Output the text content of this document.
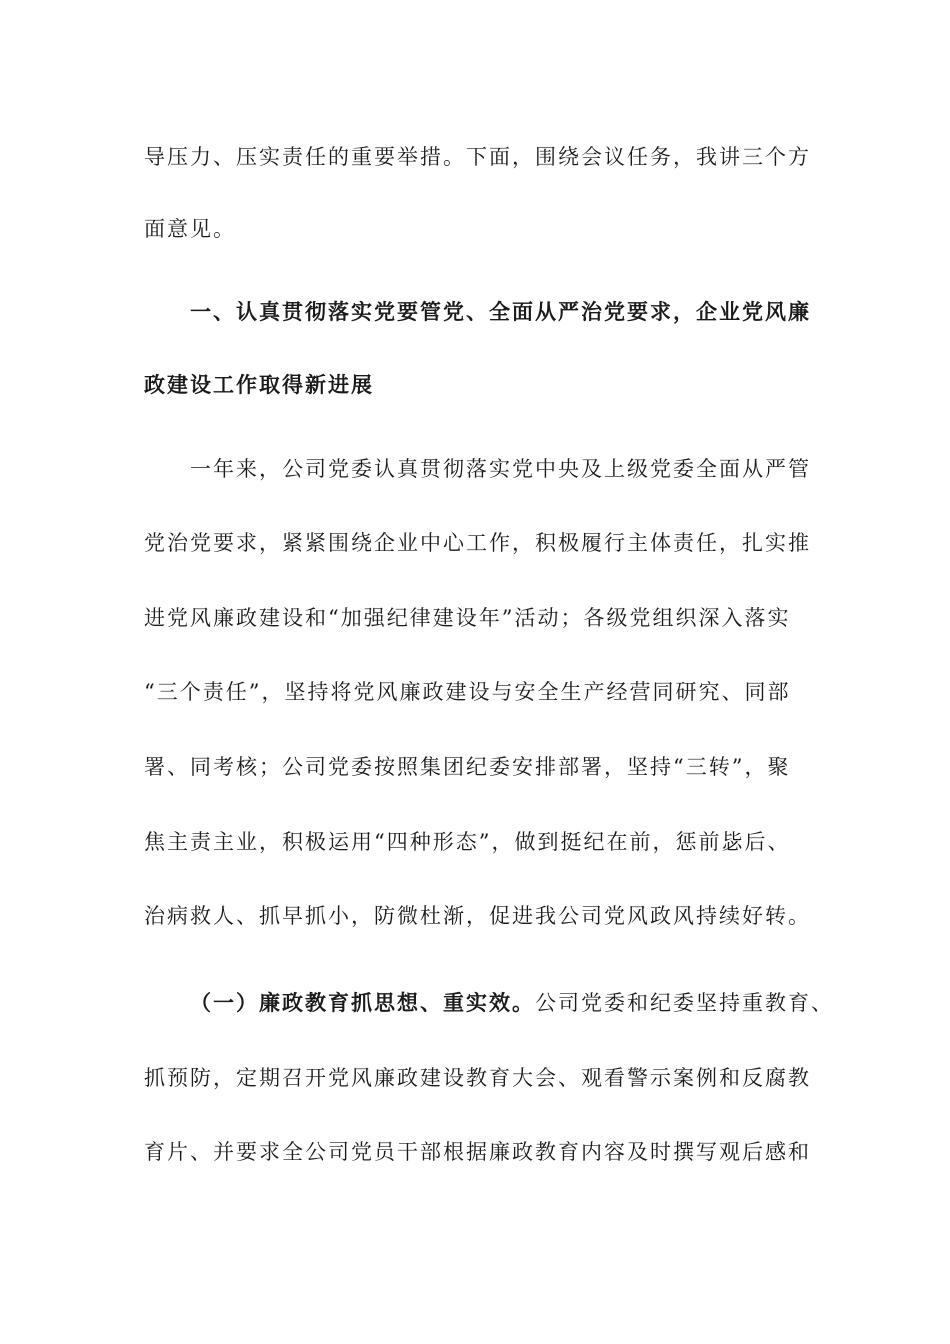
导压力、压实责任的重要举措。下面，围绕会议任务，我讲三个方
面意见。
一、认真贯彻落实党要管党、全面从严治党要求，企业党风廉
政建设工作取得新进展
一年来，公司党委认真贯彻落实党中央及上级党委全面从严管
党治党要求，紧紧围绕企业中心工作，积极履行主体责任，扎实推
进党风廉政建设和“加强纪律建设年”活动；各级党组织深入落实
“三个责任”，坚持将党风廉政建设与安全生产经营同研究、同部
署、同考核；公司党委按照集团纪委安排部署，坚持“三转”，聚
焦主责主业，积极运用“四种形态”，做到挺纪在前，惩前毖后、
治病救人、抓早抓小，防微杜渐，促进我公司党风政风持续好转。
（一）廉政教育抓思想、重实效。公司党委和纪委坚持重教育、
抓预防，定期召开党风廉政建设教育大会、观看警示案例和反腐教
育片、并要求全公司党员干部根据廉政教育内容及时撰写观后感和
